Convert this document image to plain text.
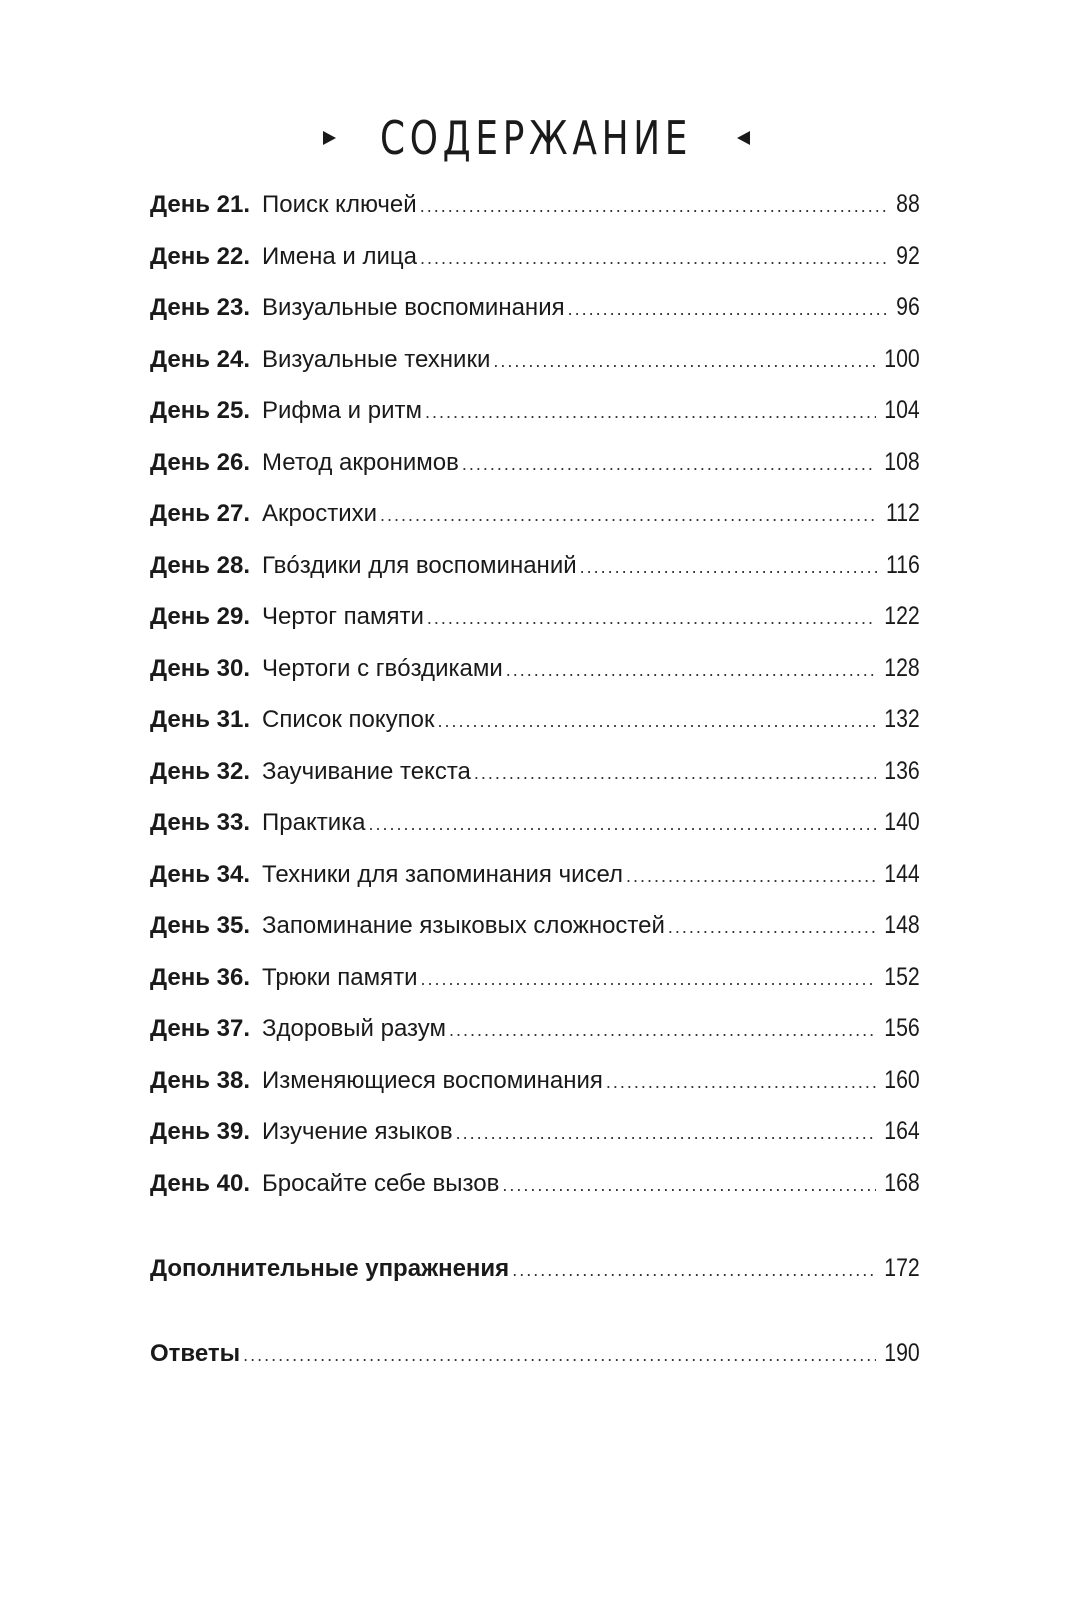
СОДЕРЖАНИЕ
День 21. Поиск ключей .....	88
День 22. Имена и лица .....	92
День 23. Визуальные воспоминания .....	96
День 24. Визуальные техники .....	100
День 25. Рифма и ритм .....	104
День 26. Метод акронимов .....	108
День 27. Акростихи .....	112
День 28. Гвóздики для воспоминаний .....	116
День 29. Чертог памяти .....	122
День 30. Чертоги с гвóздиками .....	128
День 31. Список покупок .....	132
День 32. Заучивание текста .....	136
День 33. Практика .....	140
День 34. Техники для запоминания чисел .....	144
День 35. Запоминание языковых сложностей .....	148
День 36. Трюки памяти .....	152
День 37. Здоровый разум .....	156
День 38. Изменяющиеся воспоминания .....	160
День 39. Изучение языков .....	164
День 40. Бросайте себе вызов .....	168
Дополнительные упражнения .....	172
Ответы .....	190
